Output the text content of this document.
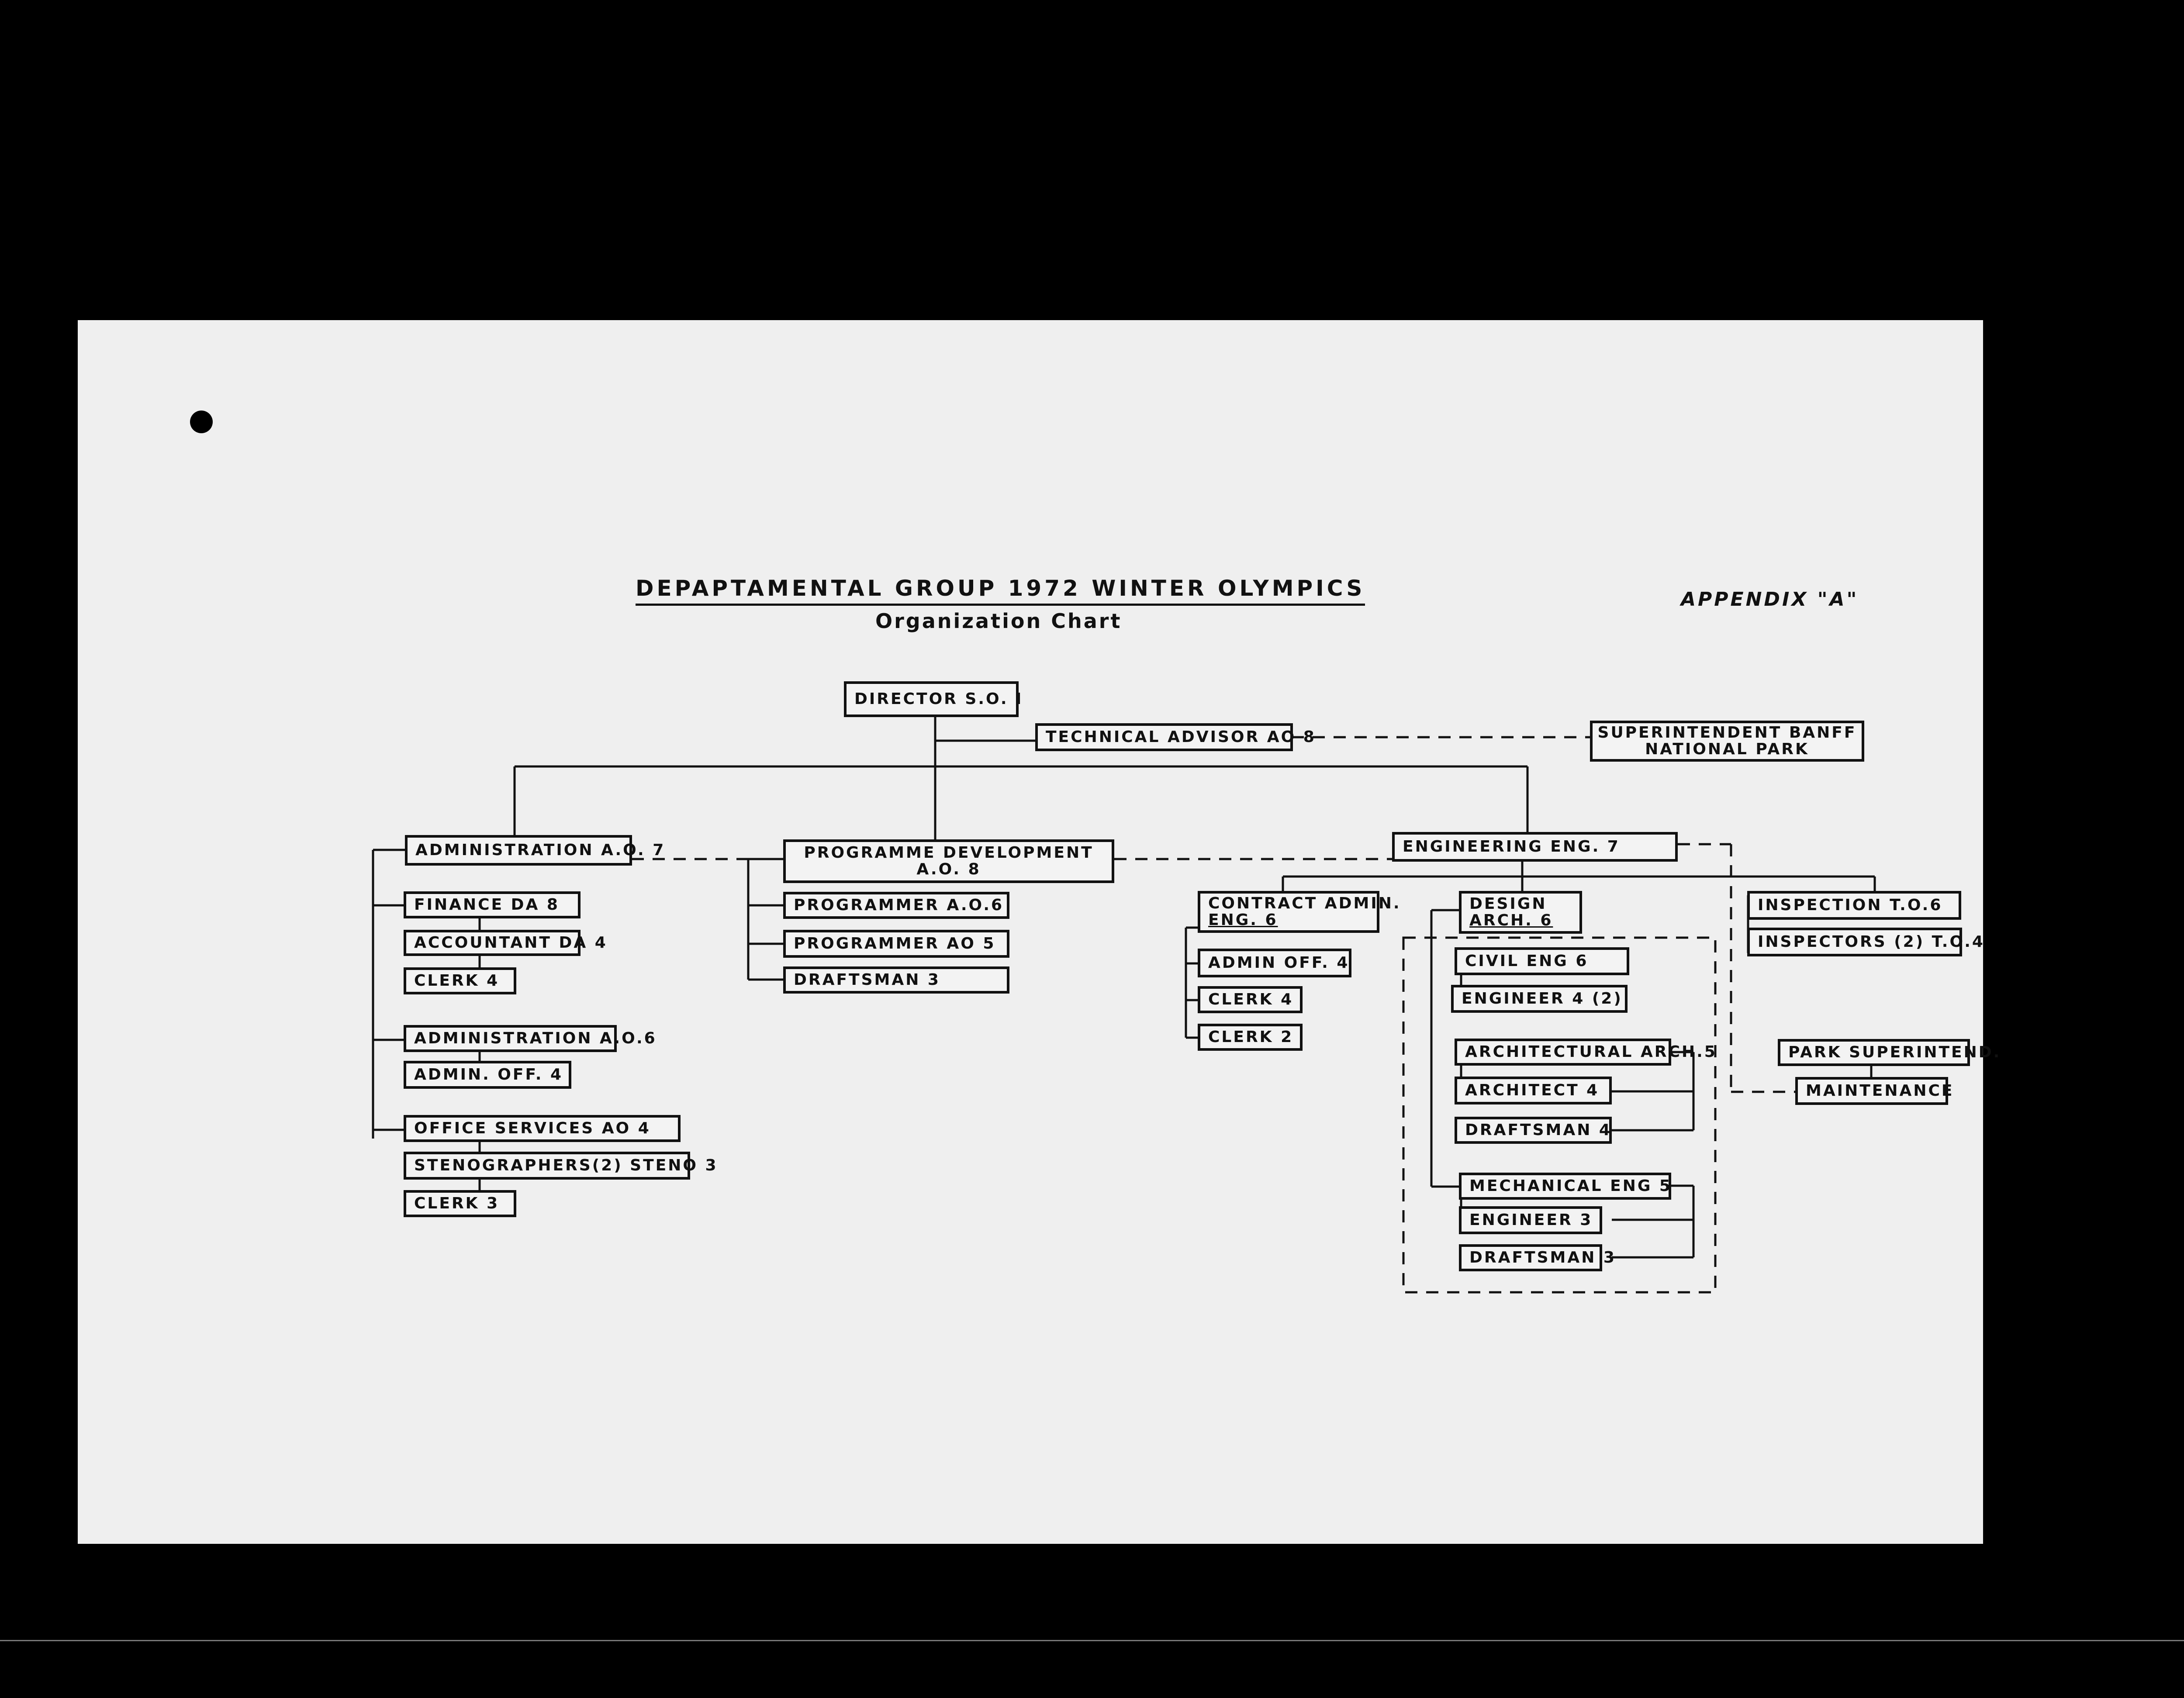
DEPAPTAMENTAL GROUP 1972 WINTER OLYMPICS
Organization Chart
APPENDIX "A"
DIRECTOR S.O. I
TECHNICAL ADVISOR AO 8	SUPERINTENDENT BANFF
NATIONAL PARK
ADMINISTRATION A.O. 7
FINANCE DA 8
ACCOUNTANT DA 4
CLERK 4
ADMINISTRATION A.O.6
ADMIN. OFF. 4
OFFICE SERVICES AO 4
STENOGRAPHERS(2) STENO 3
CLERK 3
PROGRAMME DEVELOPMENT
A.O. 8
PROGRAMMER A.O.6
PROGRAMMER AO 5
DRAFTSMAN 3
ENGINEERING ENG. 7
CONTRACT ADMIN.
ENG. 6
ADMIN OFF. 4
CLERK 4
CLERK 2
DESIGN
ARCH. 6
CIVIL ENG 6
ENGINEER 4 (2)
ARCHITECTURAL ARCH.5
ARCHITECT 4
DRAFTSMAN 4
MECHANICAL ENG 5
ENGINEER 3
DRAFTSMAN 3
INSPECTION T.O.6
INSPECTORS (2) T.O.4
PARK SUPERINTEND.
MAINTENANCE
